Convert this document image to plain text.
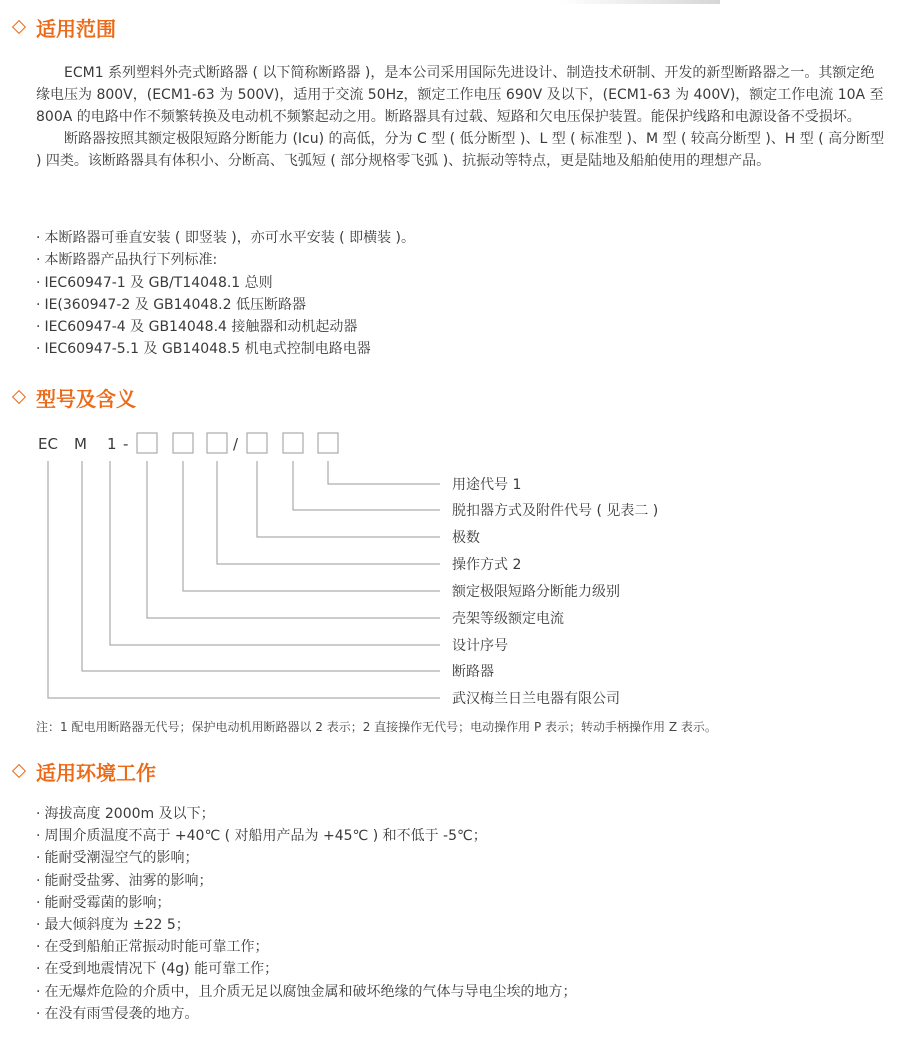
适用范围

ECM1 系列塑料外壳式断路器 ( 以下简称断路器 )，是本公司采用国际先进设计、制造技术研制、开发的新型断路器之一。其额定绝缘电压为 800V，(ECM1-63 为 500V)，适用于交流 50Hz，额定工作电压 690V 及以下，(ECM1-63 为 400V)，额定工作电流 10A 至 800A 的电路中作不频繁转换及电动机不频繁起动之用。断路器具有过载、短路和欠电压保护装置。能保护线路和电源设备不受损坏。

断路器按照其额定极限短路分断能力 (Icu) 的高低，分为 C 型 ( 低分断型 )、L 型 ( 标准型 )、M 型 ( 较高分断型 )、H 型 ( 高分断型 ) 四类。该断路器具有体积小、分断高、飞弧短 ( 部分规格零飞弧 )、抗振动等特点，更是陆地及船舶使用的理想产品。

· 本断路器可垂直安装 ( 即竖装 )，亦可水平安装 ( 即横装 )。
· 本断路器产品执行下列标准:
· IEC60947-1 及 GB/T14048.1 总则
· IE(360947-2 及 GB14048.2 低压断路器
· IEC60947-4 及 GB14048.4 接触器和动机起动器
· IEC60947-5.1 及 GB14048.5 机电式控制电路电器
型号及含义
EC M 1 -	/
用途代号 1
脱扣器方式及附件代号 ( 见表二 )
极数
操作方式 2
额定极限短路分断能力级别
壳架等级额定电流
设计序号
断路器
武汉梅兰日兰电器有限公司
注：1 配电用断路器无代号；保护电动机用断路器以 2 表示；2 直接操作无代号；电动操作用 P 表示；转动手柄操作用 Z 表示。
适用环境工作
· 海拔高度 2000m 及以下；
· 周围介质温度不高于 +40℃ ( 对船用产品为 +45℃ ) 和不低于 -5℃；
· 能耐受潮湿空气的影响；
· 能耐受盐雾、油雾的影响；
· 能耐受霉菌的影响；
· 最大倾斜度为 ±22 5；
· 在受到船舶正常振动时能可靠工作；
· 在受到地震情况下 (4g) 能可靠工作；
· 在无爆炸危险的介质中，且介质无足以腐蚀金属和破坏绝缘的气体与导电尘埃的地方；
· 在没有雨雪侵袭的地方。
